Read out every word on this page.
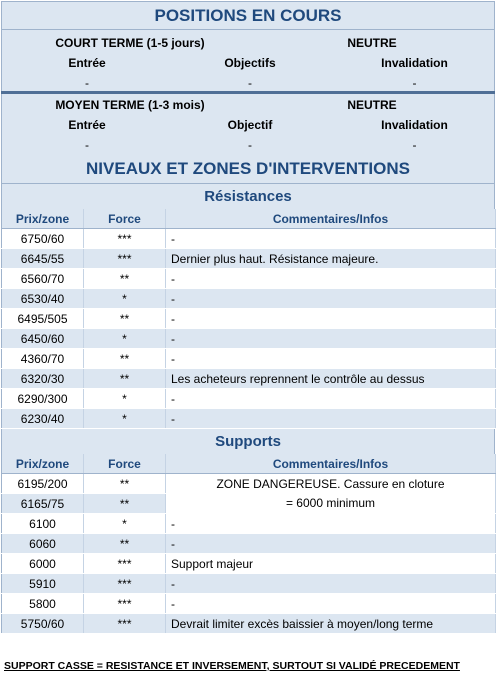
POSITIONS EN COURS
COURT TERME (1-5 jours)	NEUTRE
Entrée	Objectifs	Invalidation
-	-	-
MOYEN TERME (1-3 mois)	NEUTRE
Entrée	Objectif	Invalidation
-	-	-
NIVEAUX ET ZONES D'INTERVENTIONS
Résistances
Prix/zone	Force	Commentaires/Infos
6750/60	***	-
6645/55	***	Dernier plus haut. Résistance majeure.
6560/70	**	-
6530/40	*	-
6495/505	**	-
6450/60	*	-
4360/70	**	-
6320/30	**	Les acheteurs reprennent le contrôle au dessus
6290/300	*	-
6230/40	*	-
Supports
Prix/zone	Force	Commentaires/Infos
6195/200	**	ZONE DANGEREUSE. Cassure en cloture
= 6000 minimum

6165/75	**	
6100	*	-
6060	**	-
6000	***	Support majeur
5910	***	-
5800	***	-
5750/60	***	Devrait limiter excès baissier à moyen/long terme
SUPPORT CASSE = RESISTANCE ET INVERSEMENT, SURTOUT SI VALIDÉ PRECEDEMENT
